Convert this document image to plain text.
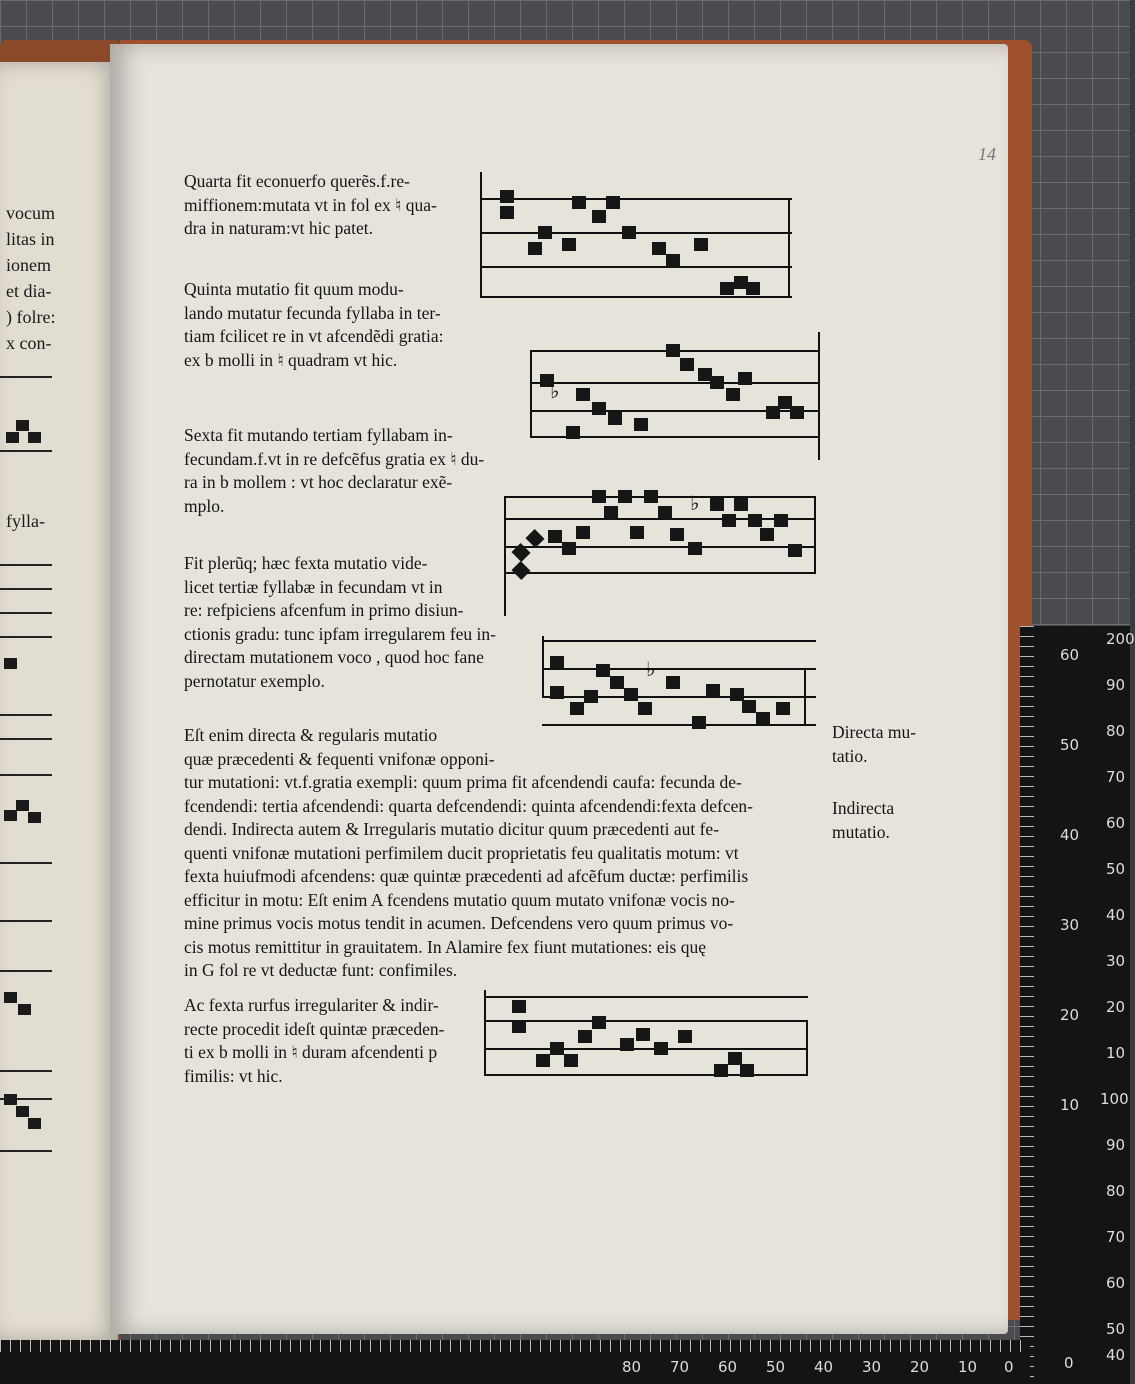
vocum
litas in
ionem
et dia-
) folre:
x con-
fylla-
14
Quarta fit econuerfo querẽs.f.re-
miffionem:mutata vt in fol ex ♮ qua-
dra in naturam:vt hic patet.
Quinta mutatio fit quum modu-
lando mutatur fecunda fyllaba in ter-
tiam fcilicet re in vt afcendẽdi gratia:
ex b molli in ♮ quadram vt hic.
Sexta fit mutando tertiam fyllabam in-
fecundam.f.vt in re defcẽfus gratia ex ♮ du-
ra in b mollem : vt hoc declaratur exẽ-
mplo.
Fit plerũq; hæc fexta mutatio vide-
licet tertiæ fyllabæ in fecundam vt in
re: refpiciens afcenfum in primo disiun-
ctionis gradu: tunc ipfam irregularem feu in-
directam mutationem voco , quod hoc fane
pernotatur exemplo.
Eſt enim directa & regularis mutatio
quæ præcedenti & fequenti vnifonæ opponi-
tur mutationi: vt.f.gratia exempli: quum prima fit afcendendi caufa: fecunda de-
fcendendi: tertia afcendendi: quarta defcendendi: quinta afcendendi:fexta defcen-
dendi. Indirecta autem & Irregularis mutatio dicitur quum præcedenti aut fe-
quenti vnifonæ mutationi perfimilem ducit proprietatis feu qualitatis motum: vt
fexta huiufmodi afcendens: quæ quintæ præcedenti ad afcẽfum ductæ: perfimilis
efficitur in motu: Eſt enim A fcendens mutatio quum mutato vnifonæ vocis no-
mine primus vocis motus tendit in acumen. Defcendens vero quum primus vo-
cis motus remittitur in grauitatem. In Alamire fex fiunt mutationes: eis quę
in G fol re vt deductæ funt: confimiles.
Ac fexta rurfus irregulariter & indir-
recte procedit ideſt quintæ præceden-
ti ex b molli in ♮ duram afcendenti p
fimilis: vt hic.
Directa mu-
tatio.
Indirecta
mutatio.
♭
♭
♭
200
90
80
70
60
50
40
30
20
10
100
90
80
70
60
50
40
60
50
40
30
20
10
0
0
10
20
30
40
50
60
70
80
